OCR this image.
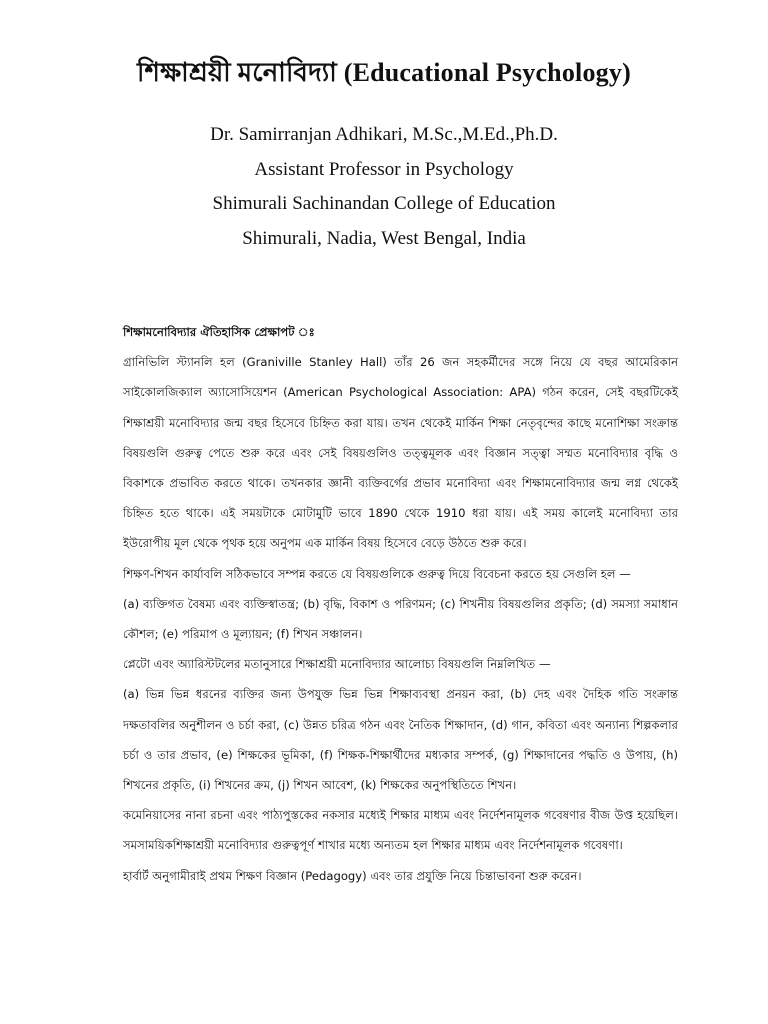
শিক্ষাশ্রয়ী মনোবিদ্যা (Educational Psychology)
Dr. Samirranjan Adhikari, M.Sc.,M.Ed.,Ph.D.
Assistant Professor in Psychology
Shimurali Sachinandan College of Education
Shimurali, Nadia, West Bengal, India
শিক্ষামনোবিদ্যার ঐতিহাসিক প্রেক্ষাপট ঃ

গ্রানিভিলি স্ট্যানলি হল (Graniville Stanley Hall) তাঁর 26 জন সহকর্মীদের সঙ্গে নিয়ে যে বছর আমেরিকান সাইকোলজিক্যাল অ্যাসোসিয়েশন (American Psychological Association: APA) গঠন করেন, সেই বছরটিকেই শিক্ষাশ্রয়ী মনোবিদ্যার জন্ম বছর হিসেবে চিহ্নিত করা যায়। তখন থেকেই মার্কিন শিক্ষা নেতৃবৃন্দের কাছে মনোশিক্ষা সংক্রান্ত বিষয়গুলি গুরুত্ব পেতে শুরু করে এবং সেই বিষয়গুলিও তত্ত্বমূলক এবং বিজ্ঞান সত্ত্বা সম্মত মনোবিদ্যার বৃদ্ধি ও বিকাশকে প্রভাবিত করতে থাকে। তখনকার জ্ঞানী ব্যক্তিবর্গের প্রভাব মনোবিদ্যা এবং শিক্ষামনোবিদ্যার জন্ম লগ্ন থেকেই চিহ্নিত হতে থাকে। এই সময়টাকে মোটামুটি ভাবে 1890 থেকে 1910 ধরা যায়। এই সময় কালেই মনোবিদ্যা তার ইউরোপীয় মূল থেকে পৃথক হয়ে অনুপম এক মার্কিন বিষয় হিসেবে বেড়ে উঠতে শুরু করে।

শিক্ষণ-শিখন কার্যাবলি সঠিকভাবে সম্পন্ন করতে যে বিষয়গুলিকে গুরুত্ব দিয়ে বিবেচনা করতে হয় সেগুলি হল —

(a) ব্যক্তিগত বৈষম্য এবং ব্যক্তিস্বাতন্ত্র; (b) বৃদ্ধি, বিকাশ ও পরিণমন; (c) শিখনীয় বিষয়গুলির প্রকৃতি; (d) সমস্যা সমাধান কৌশল; (e) পরিমাপ ও মূল্যায়ন; (f) শিখন সঞ্চালন।

প্লেটো এবং অ্যারিস্টটলের মতানুসারে শিক্ষাশ্রয়ী মনোবিদ্যার আলোচ্য বিষয়গুলি নিম্নলিখিত —

(a) ভিন্ন ভিন্ন ধরনের ব্যক্তির জন্য উপযুক্ত ভিন্ন ভিন্ন শিক্ষাব্যবস্থা প্রনয়ন করা, (b) দেহ এবং দৈহিক গতি সংক্রান্ত দক্ষতাবলির অনুশীলন ও চর্চা করা, (c) উন্নত চরিত্র গঠন এবং নৈতিক শিক্ষাদান, (d) গান, কবিতা এবং অন্যান্য শিল্পকলার চর্চা ও তার প্রভাব, (e) শিক্ষকের ভূমিকা, (f) শিক্ষক-শিক্ষার্থীদের মধ্যকার সম্পর্ক, (g) শিক্ষাদানের পদ্ধতি ও উপায়, (h) শিখনের প্রকৃতি, (i) শিখনের ক্রম, (j) শিখন আবেশ, (k) শিক্ষকের অনুপস্থিতিতে শিখন।

কমেনিয়াসের নানা রচনা এবং পাঠ্যপুস্তকের নকসার মধ্যেই শিক্ষার মাধ্যম এবং নির্দেশনামূলক গবেষণার বীজ উপ্ত হয়েছিল। সমসাময়িকশিক্ষাশ্রয়ী মনোবিদ্যার গুরুত্বপূর্ণ শাখার মধ্যে অন্যতম হল শিক্ষার মাধ্যম এবং নির্দেশনামূলক গবেষণা।

হার্বার্ট অনুগামীরাই প্রথম শিক্ষণ বিজ্ঞান (Pedagogy) এবং তার প্রযুক্তি নিয়ে চিন্তাভাবনা শুরু করেন।
